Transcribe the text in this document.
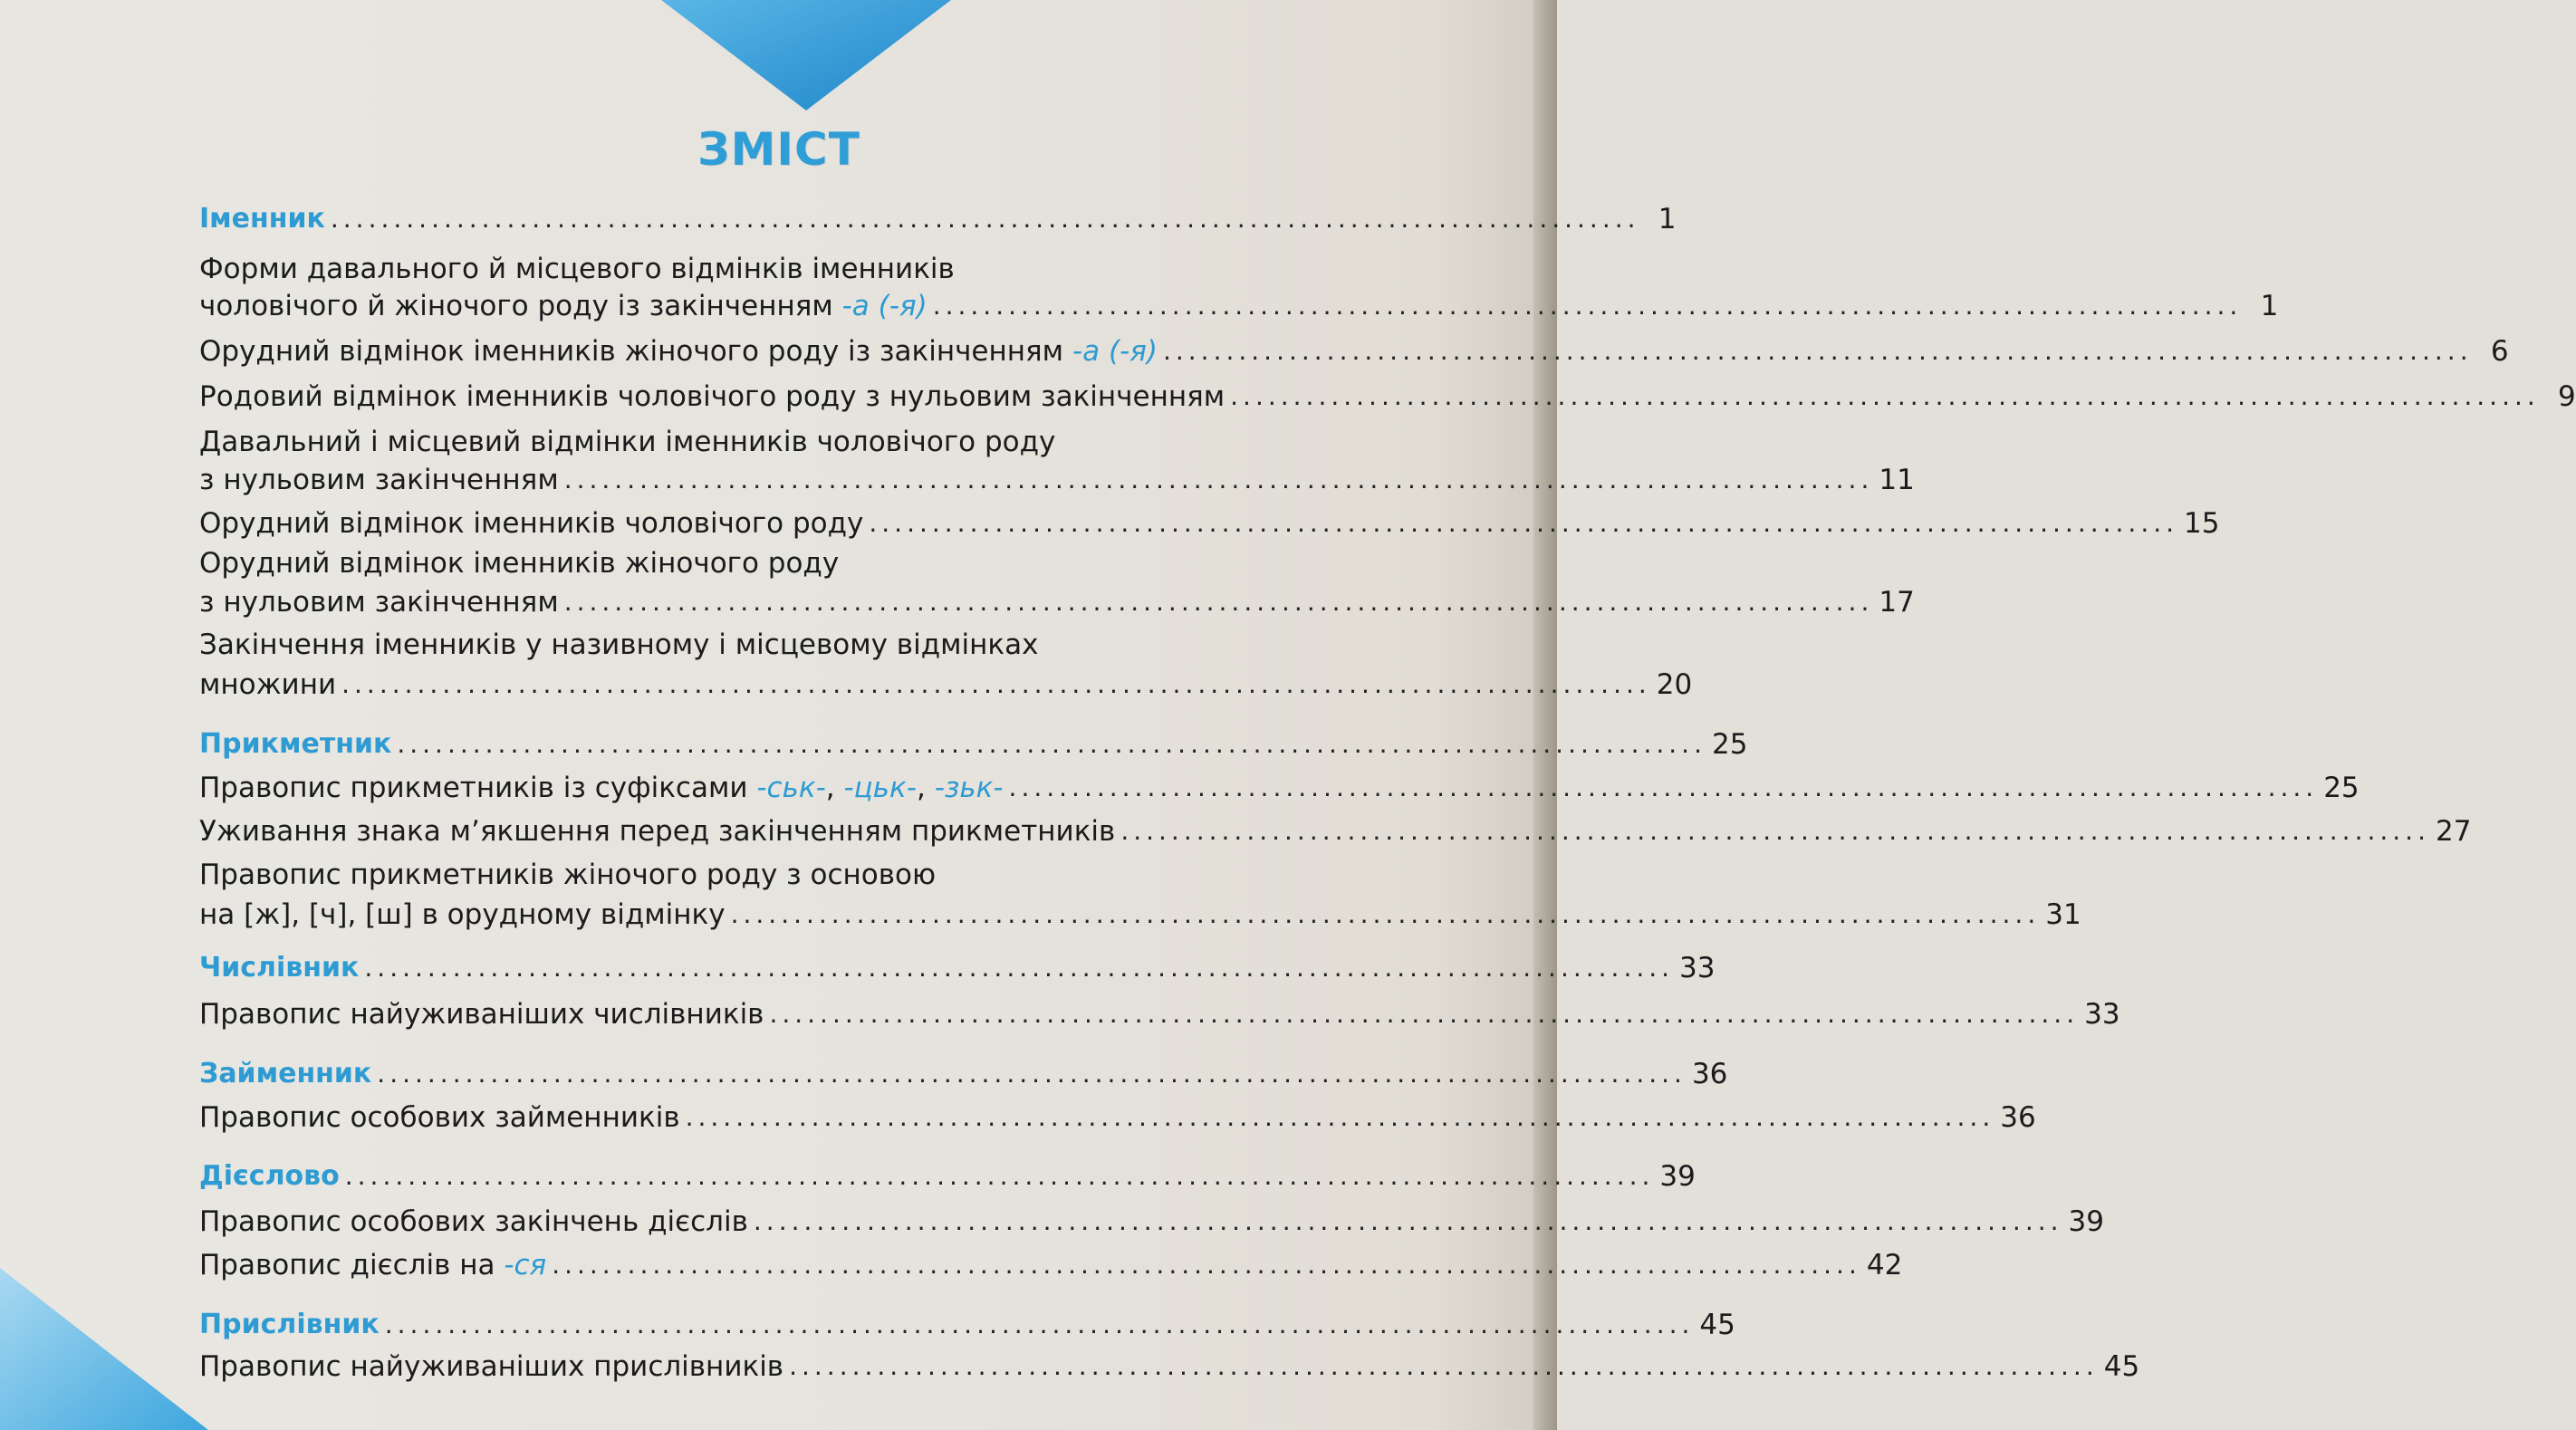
ЗМІСТ
Іменник ........................................................................................................ 1
Форми давального й місцевого відмінків іменників
чоловічого й жіночого роду із закінченням -а (-я) ........................................................................................................ 1
Орудний відмінок іменників жіночого роду із закінченням -а (-я) ........................................................................................................ 6
Родовий відмінок іменників чоловічого роду з нульовим закінченням ........................................................................................................ 9
Давальний і місцевий відмінки іменників чоловічого роду
з нульовим закінченням ........................................................................................................ 11
Орудний відмінок іменників чоловічого роду ........................................................................................................ 15
Орудний відмінок іменників жіночого роду
з нульовим закінченням ........................................................................................................ 17
Закінчення іменників у називному і місцевому відмінках
множини ........................................................................................................ 20
Прикметник ........................................................................................................ 25
Правопис прикметників із суфіксами -ськ-, -цьк-, -зьк- ........................................................................................................ 25
Уживання знака м’якшення перед закінченням прикметників ........................................................................................................ 27
Правопис прикметників жіночого роду з основою
на [ж], [ч], [ш] в орудному відмінку ........................................................................................................ 31
Числівник ........................................................................................................ 33
Правопис найуживаніших числівників ........................................................................................................ 33
Займенник ........................................................................................................ 36
Правопис особових займенників ........................................................................................................ 36
Дієслово ........................................................................................................ 39
Правопис особових закінчень дієслів ........................................................................................................ 39
Правопис дієслів на -ся ........................................................................................................ 42
Прислівник ........................................................................................................ 45
Правопис найуживаніших прислівників ........................................................................................................ 45
